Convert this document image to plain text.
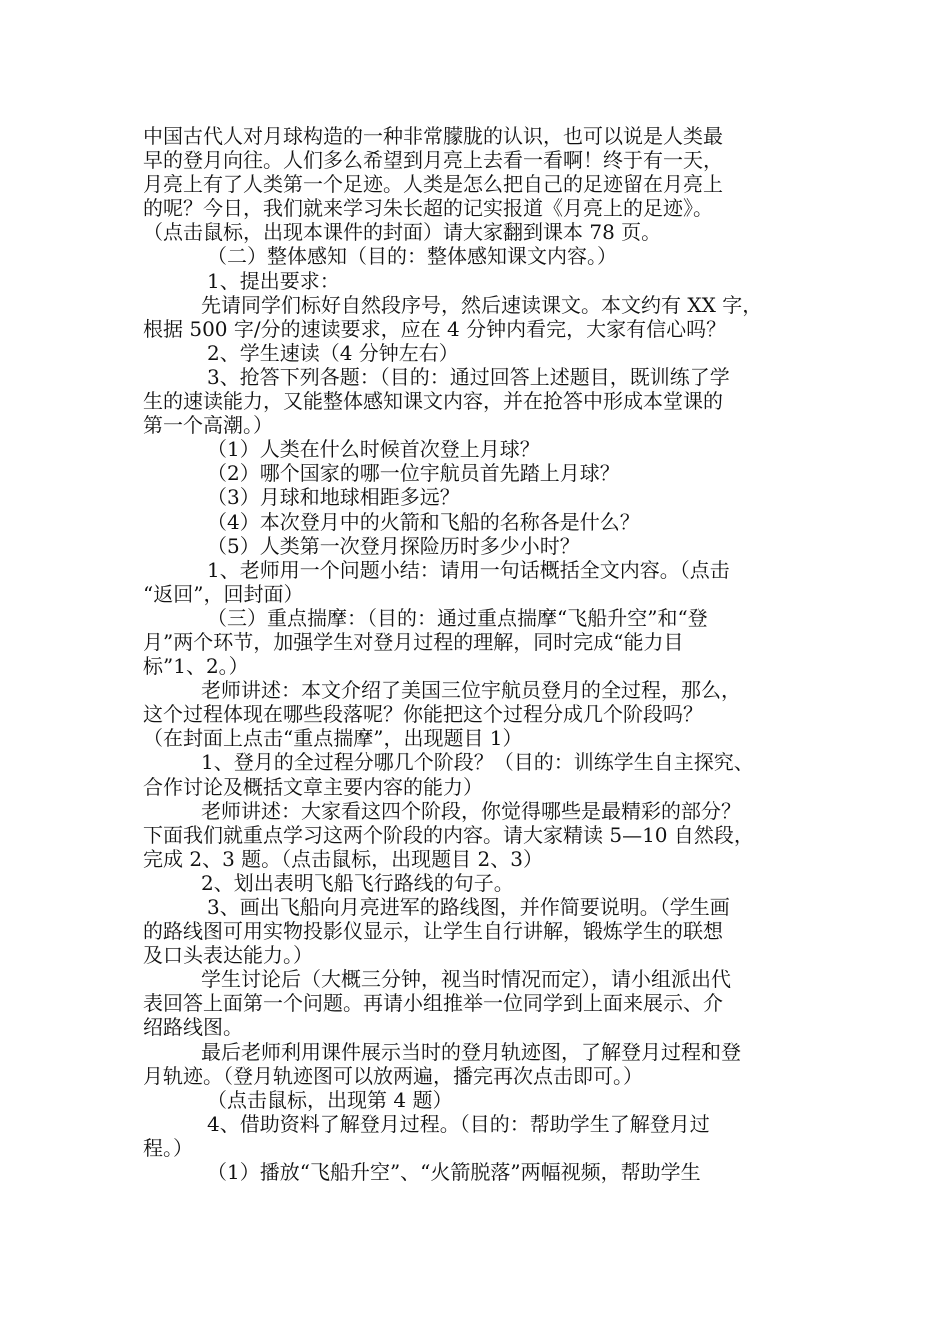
中国古代人对月球构造的一种非常朦胧的认识，也可以说是人类最
早的登月向往。人们多么希望到月亮上去看一看啊！终于有一天，
月亮上有了人类第一个足迹。人类是怎么把自己的足迹留在月亮上
的呢？今日，我们就来学习朱长超的记实报道《月亮上的足迹》。
（点击鼠标，出现本课件的封面）请大家翻到课本 78 页。
（二）整体感知（目的：整体感知课文内容。）
1、提出要求：
先请同学们标好自然段序号，然后速读课文。本文约有 XX 字，
根据 500 字/分的速读要求，应在 4 分钟内看完，大家有信心吗？
2、学生速读（4 分钟左右）
3、抢答下列各题：（目的：通过回答上述题目，既训练了学
生的速读能力，又能整体感知课文内容，并在抢答中形成本堂课的
第一个高潮。）
（1）人类在什么时候首次登上月球？
（2）哪个国家的哪一位宇航员首先踏上月球？
（3）月球和地球相距多远？
（4）本次登月中的火箭和飞船的名称各是什么？
（5）人类第一次登月探险历时多少小时？
1、老师用一个问题小结：请用一句话概括全文内容。（点击
“返回”，回封面）
（三）重点揣摩：（目的：通过重点揣摩“飞船升空”和“登
月”两个环节，加强学生对登月过程的理解，同时完成“能力目
标”1、2。）
老师讲述：本文介绍了美国三位宇航员登月的全过程，那么，
这个过程体现在哪些段落呢？你能把这个过程分成几个阶段吗？
（在封面上点击“重点揣摩”，出现题目 1）
1、登月的全过程分哪几个阶段？（目的：训练学生自主探究、
合作讨论及概括文章主要内容的能力）
老师讲述：大家看这四个阶段，你觉得哪些是最精彩的部分？
下面我们就重点学习这两个阶段的内容。请大家精读 5—10 自然段，
完成 2、3 题。（点击鼠标，出现题目 2、3）
2、划出表明飞船飞行路线的句子。
3、画出飞船向月亮进军的路线图，并作简要说明。（学生画
的路线图可用实物投影仪显示，让学生自行讲解，锻炼学生的联想
及口头表达能力。）
学生讨论后（大概三分钟，视当时情况而定），请小组派出代
表回答上面第一个问题。再请小组推举一位同学到上面来展示、介
绍路线图。
最后老师利用课件展示当时的登月轨迹图，了解登月过程和登
月轨迹。（登月轨迹图可以放两遍，播完再次点击即可。）
（点击鼠标，出现第 4 题）
4、借助资料了解登月过程。（目的：帮助学生了解登月过
程。）
（1）播放“飞船升空”、“火箭脱落”两幅视频，帮助学生
